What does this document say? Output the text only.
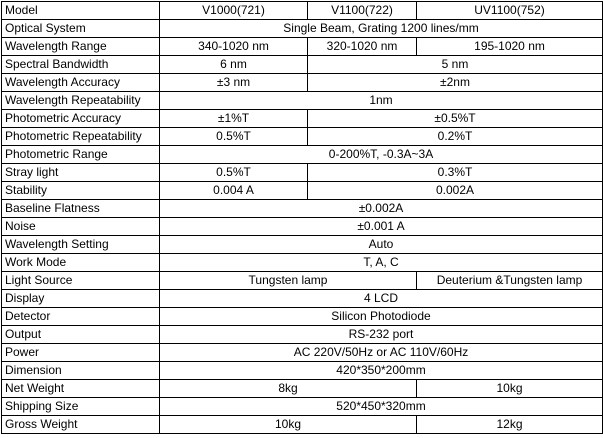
Model	V1000(721)	V1100(722)	UV1100(752)
Optical System	Single Beam, Grating 1200 lines/mm		
Wavelength Range	340-1020 nm	320-1020 nm	195-1020 nm
Spectral Bandwidth	6 nm	5 nm	
Wavelength Accuracy	±3 nm	±2nm	
Wavelength Repeatability	1nm		
Photometric Accuracy	±1%T	±0.5%T	
Photometric Repeatability	0.5%T	0.2%T	
Photometric Range	0-200%T, -0.3A~3A		
Stray light	0.5%T	0.3%T	
Stability	0.004 A	0.002A	
Baseline Flatness	±0.002A		
Noise	±0.001 A		
Wavelength Setting	Auto		
Work Mode	T, A, C		
Light Source	Tungsten lamp		Deuterium &Tungsten lamp
Display	4 LCD		
Detector	Silicon Photodiode		
Output	RS-232 port		
Power	AC 220V/50Hz or AC 110V/60Hz		
Dimension	420*350*200mm		
Net Weight	8kg		10kg
Shipping Size	520*450*320mm		
Gross Weight	10kg		12kg
